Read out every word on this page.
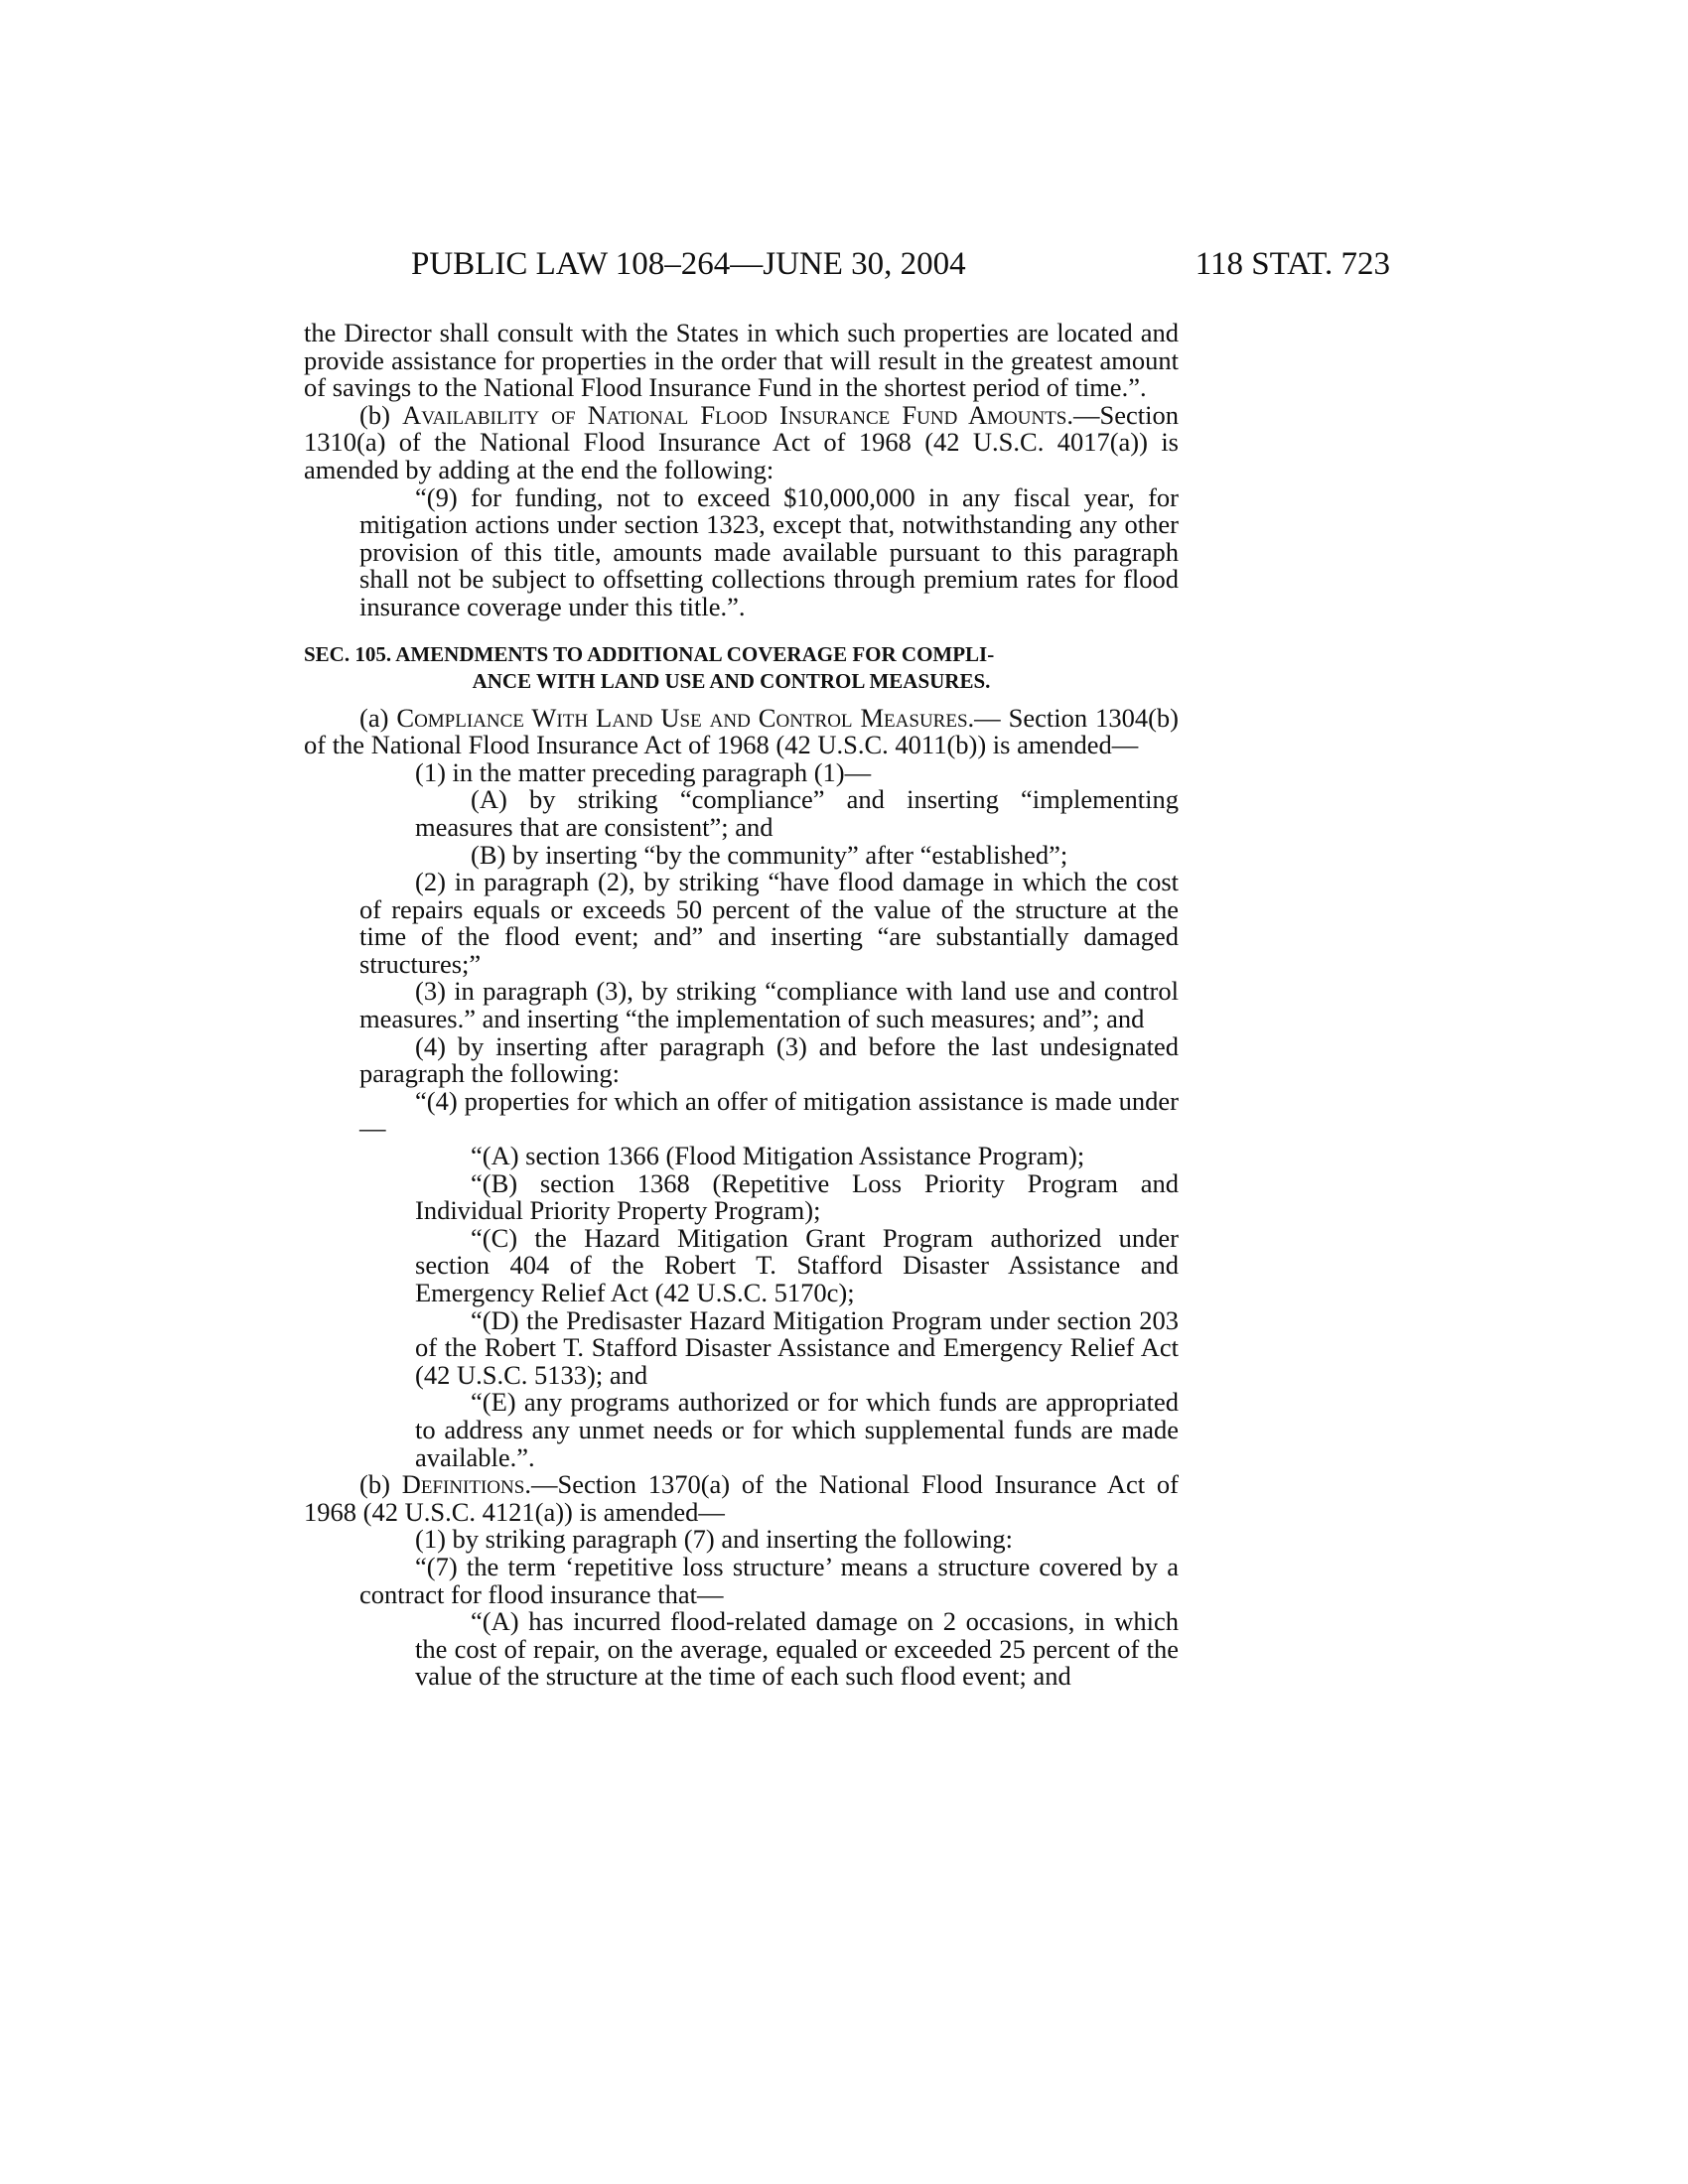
PUBLIC LAW 108–264—JUNE 30, 2004	118 STAT. 723

the Director shall consult with the States in which such properties are located and provide assistance for properties in the order that will result in the greatest amount of savings to the National Flood Insurance Fund in the shortest period of time.”.

(b) Availability of National Flood Insurance Fund Amounts.—Section 1310(a) of the National Flood Insurance Act of 1968 (42 U.S.C. 4017(a)) is amended by adding at the end the following:

“(9) for funding, not to exceed $10,000,000 in any fiscal year, for mitigation actions under section 1323, except that, notwithstanding any other provision of this title, amounts made available pursuant to this paragraph shall not be subject to offsetting collections through premium rates for flood insurance coverage under this title.”.

SEC. 105. AMENDMENTS TO ADDITIONAL COVERAGE FOR COMPLI-
ANCE WITH LAND USE AND CONTROL MEASURES.

(a) Compliance With Land Use and Control Measures.— Section 1304(b) of the National Flood Insurance Act of 1968 (42 U.S.C. 4011(b)) is amended—

(1) in the matter preceding paragraph (1)—

(A) by striking “compliance” and inserting “implementing measures that are consistent”; and

(B) by inserting “by the community” after “established”;

(2) in paragraph (2), by striking “have flood damage in which the cost of repairs equals or exceeds 50 percent of the value of the structure at the time of the flood event; and” and inserting “are substantially damaged structures;”

(3) in paragraph (3), by striking “compliance with land use and control measures.” and inserting “the implementation of such measures; and”; and

(4) by inserting after paragraph (3) and before the last undesignated paragraph the following:

“(4) properties for which an offer of mitigation assistance is made under—

“(A) section 1366 (Flood Mitigation Assistance Program);

“(B) section 1368 (Repetitive Loss Priority Program and Individual Priority Property Program);

“(C) the Hazard Mitigation Grant Program authorized under section 404 of the Robert T. Stafford Disaster Assistance and Emergency Relief Act (42 U.S.C. 5170c);

“(D) the Predisaster Hazard Mitigation Program under section 203 of the Robert T. Stafford Disaster Assistance and Emergency Relief Act (42 U.S.C. 5133); and

“(E) any programs authorized or for which funds are appropriated to address any unmet needs or for which supplemental funds are made available.”.

(b) Definitions.—Section 1370(a) of the National Flood Insurance Act of 1968 (42 U.S.C. 4121(a)) is amended—

(1) by striking paragraph (7) and inserting the following:

“(7) the term ‘repetitive loss structure’ means a structure covered by a contract for flood insurance that—

“(A) has incurred flood-related damage on 2 occasions, in which the cost of repair, on the average, equaled or exceeded 25 percent of the value of the structure at the time of each such flood event; and
